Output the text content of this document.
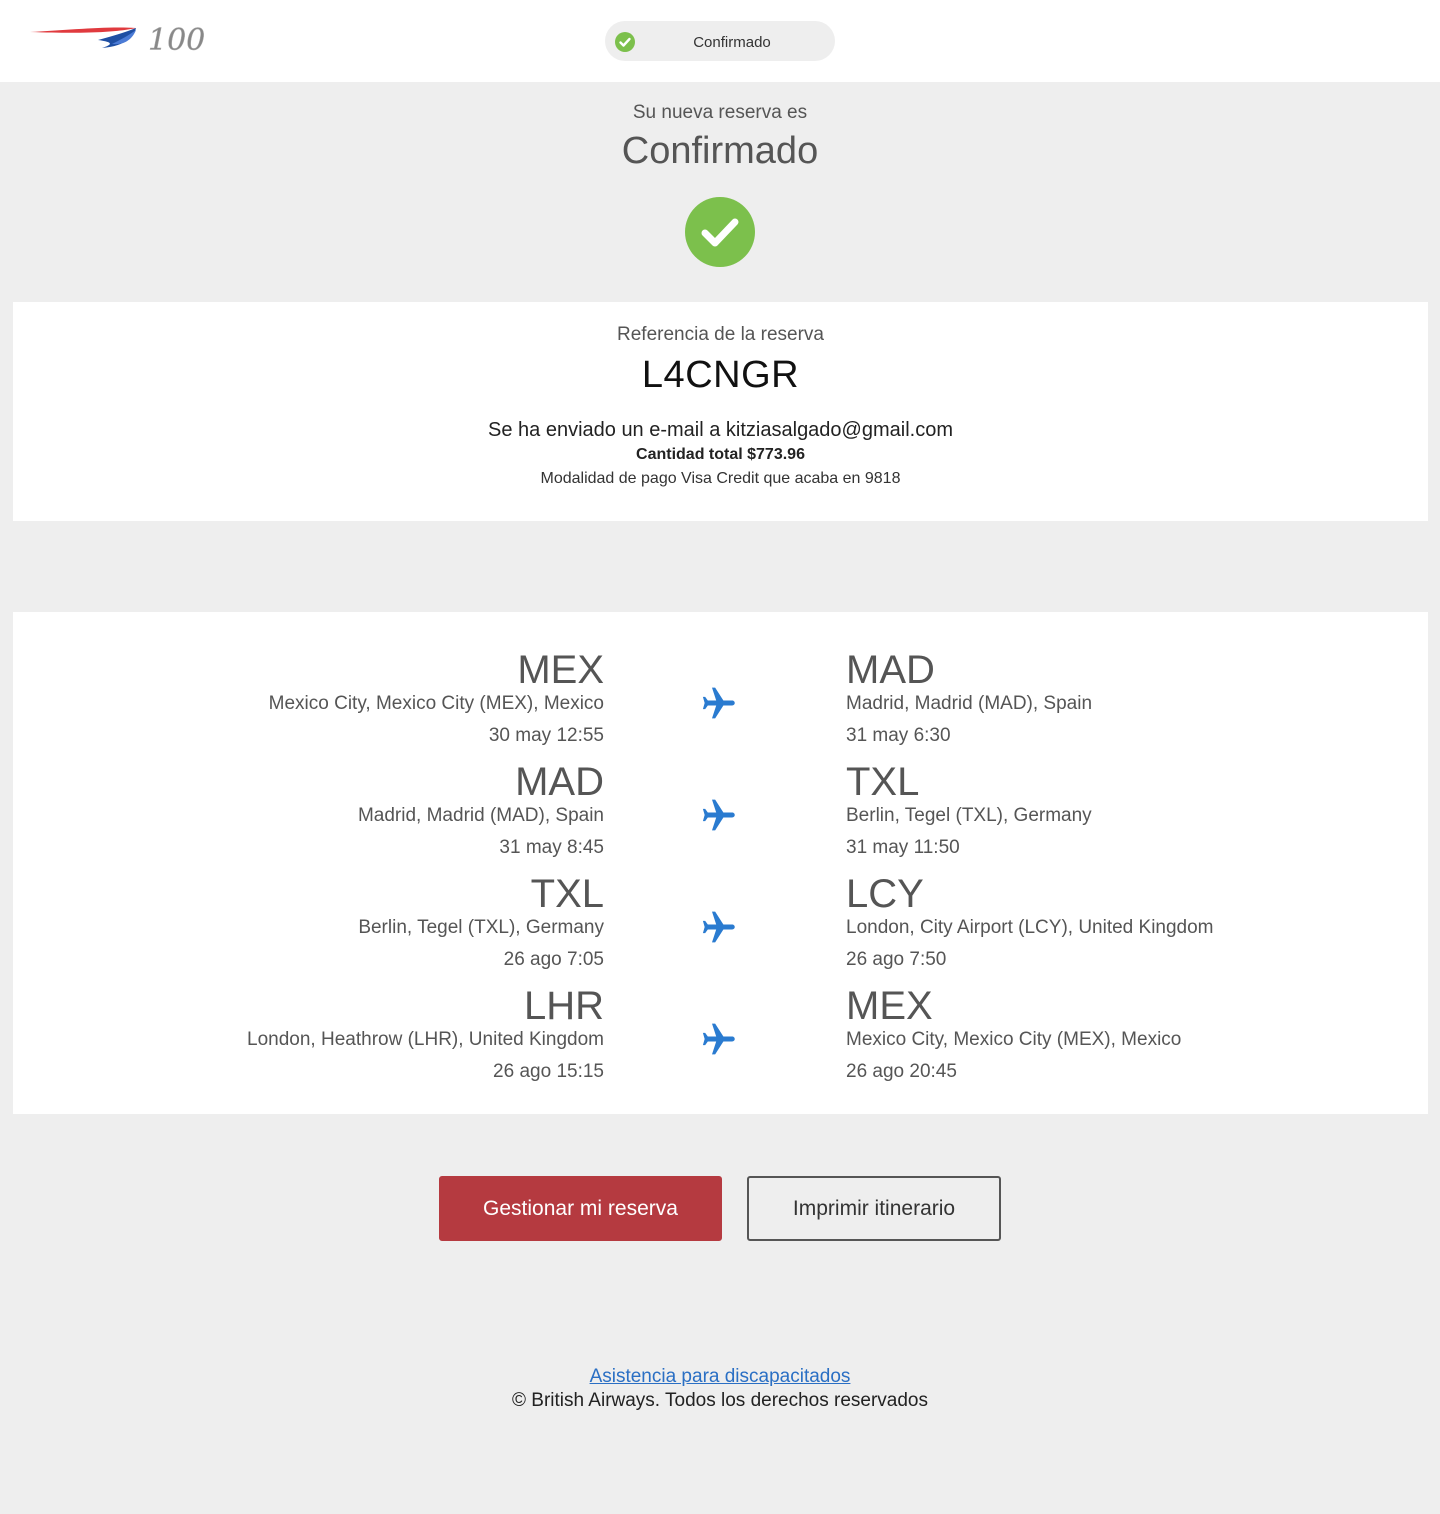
100	Confirmado
Su nueva reserva es
Confirmado
Referencia de la reserva
L4CNGR
Se ha enviado un e-mail a kitziasalgado@gmail.com
Cantidad total $773.96
Modalidad de pago Visa Credit que acaba en 9818
MEX
Mexico City, Mexico City (MEX), Mexico
30 may 12:55
MAD
Madrid, Madrid (MAD), Spain
31 may 6:30
MAD
Madrid, Madrid (MAD), Spain
31 may 8:45
TXL
Berlin, Tegel (TXL), Germany
31 may 11:50
TXL
Berlin, Tegel (TXL), Germany
26 ago 7:05
LCY
London, City Airport (LCY), United Kingdom
26 ago 7:50
LHR
London, Heathrow (LHR), United Kingdom
26 ago 15:15
MEX
Mexico City, Mexico City (MEX), Mexico
26 ago 20:45
Gestionar mi reserva	Imprimir itinerario
Asistencia para discapacitados
© British Airways. Todos los derechos reservados
